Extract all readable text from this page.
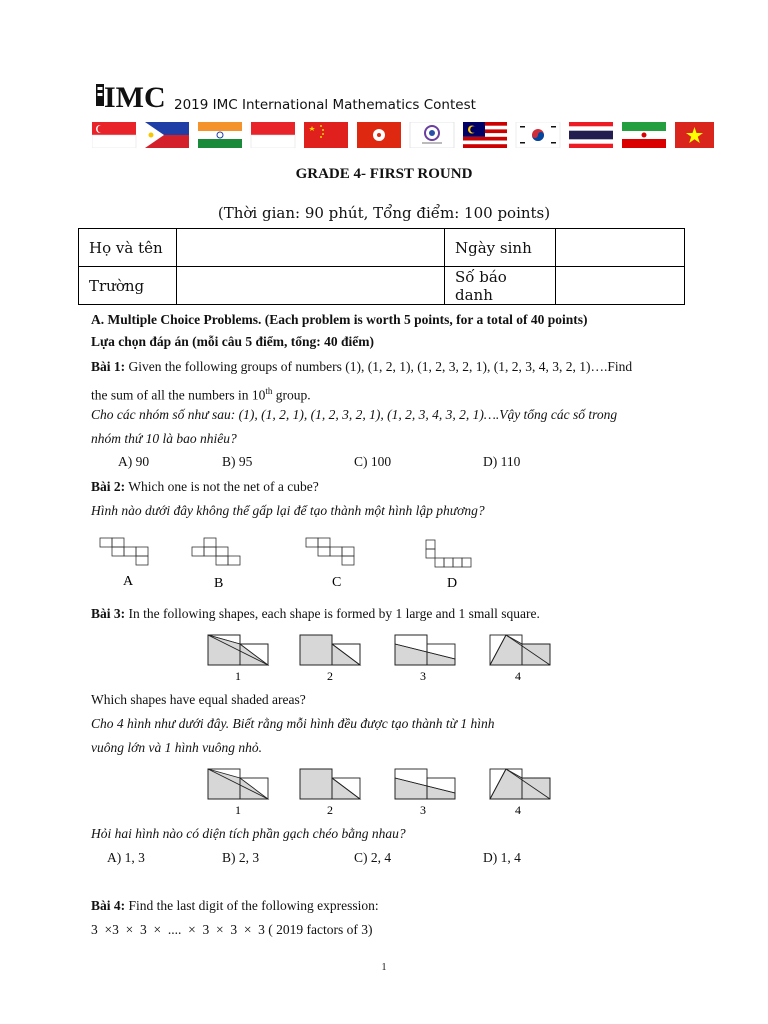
IMC 2019 IMC International Mathematics Contest
GRADE 4- FIRST ROUND
(Thời gian: 90 phút, Tổng điểm: 100 points)
Họ và tên		Ngày sinh	
Trường		Số báo danh	
A. Multiple Choice Problems. (Each problem is worth 5 points, for a total of 40 points)
Lựa chọn đáp án (mỗi câu 5 điểm, tổng: 40 điểm)
Bài 1: Given the following groups of numbers (1), (1, 2, 1), (1, 2, 3, 2, 1), (1, 2, 3, 4, 3, 2, 1)….Find
the sum of all the numbers in 10th group.
Cho các nhóm số như sau: (1), (1, 2, 1), (1, 2, 3, 2, 1), (1, 2, 3, 4, 3, 2, 1)….Vậy tổng các số trong
nhóm thứ 10 là bao nhiêu?
A) 90	B) 95	C) 100	D) 110
Bài 2: Which one is not the net of a cube?
Hình nào dưới đây không thể gấp lại để tạo thành một hình lập phương?
A	B	C	D
Bài 3: In the following shapes, each shape is formed by 1 large and 1 small square.
1	2	3	4
Which shapes have equal shaded areas?
Cho 4 hình như dưới đây. Biết rằng mỗi hình đều được tạo thành từ 1 hình
vuông lớn và 1 hình vuông nhỏ.
1	2	3	4
Hỏi hai hình nào có diện tích phần gạch chéo bằng nhau?
A) 1, 3	B) 2, 3	C) 2, 4	D) 1, 4
Bài 4: Find the last digit of the following expression:
3  ×3  ×  3  ×  ....  ×  3  ×  3  ×  3 ( 2019 factors of 3)
1
